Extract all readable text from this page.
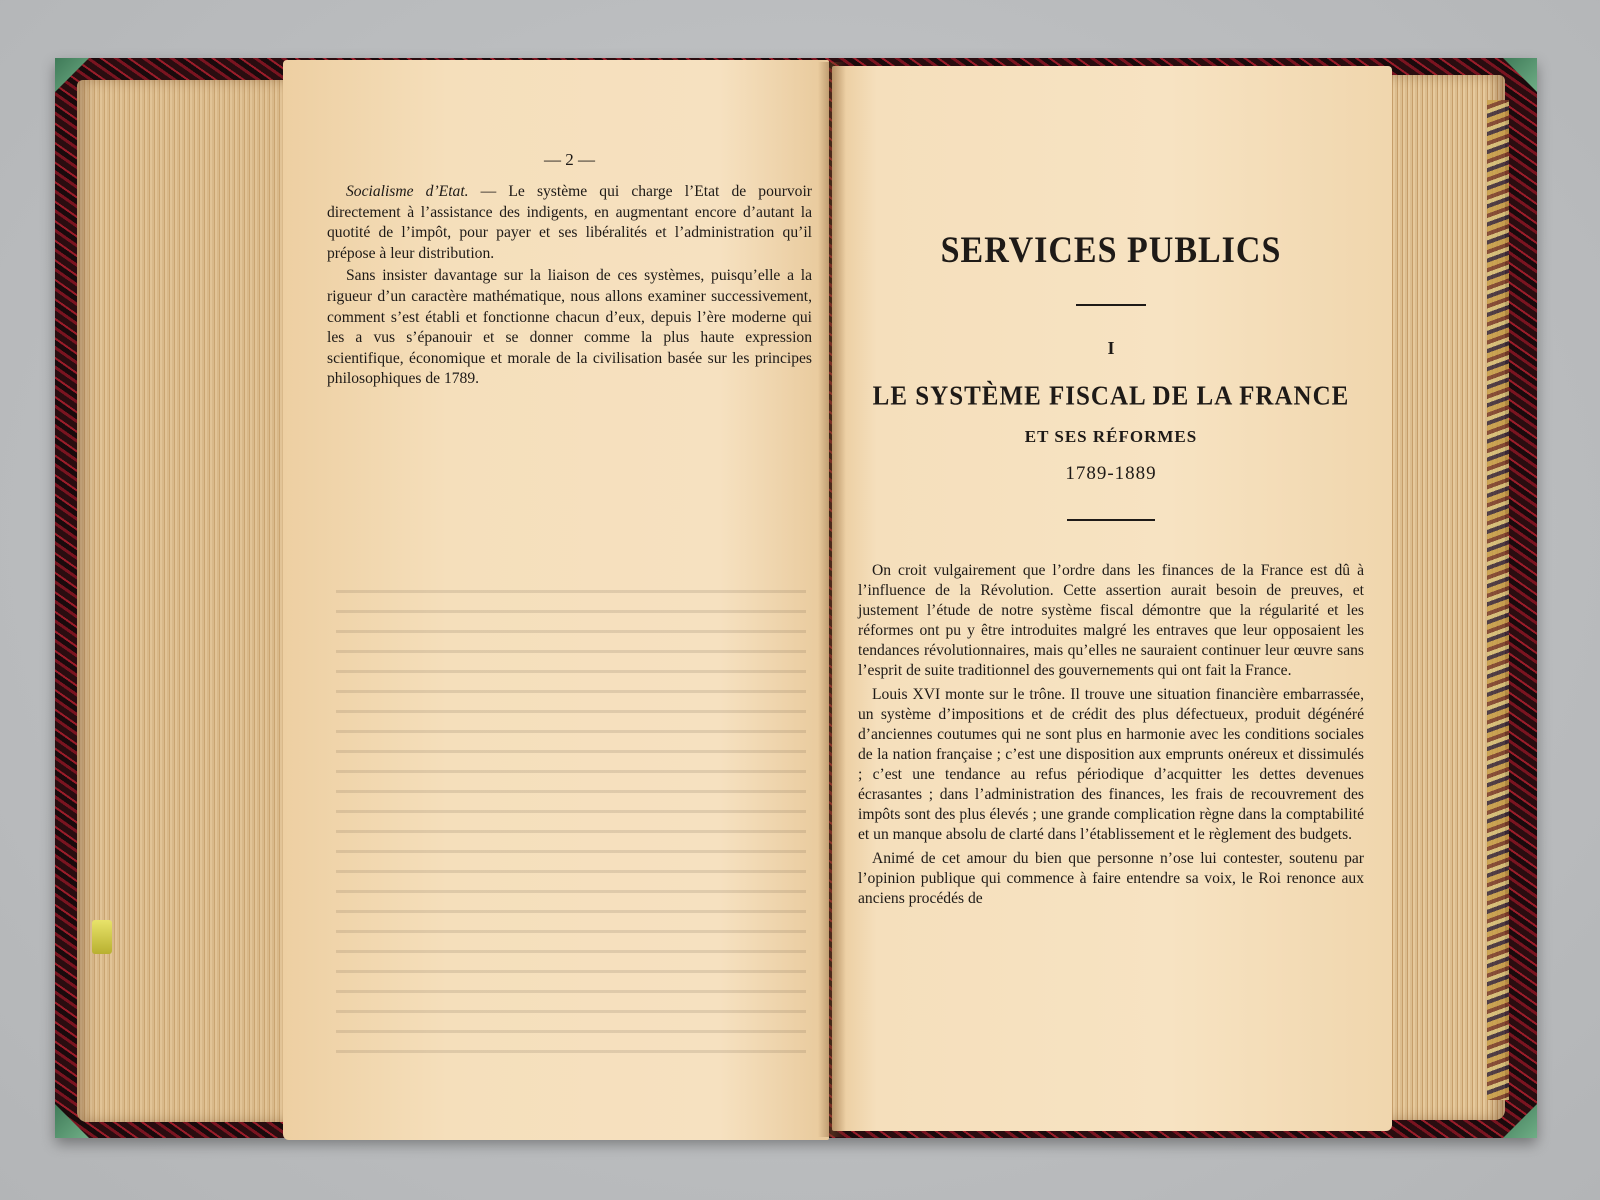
— 2 —

Socialisme d’Etat. — Le système qui charge l’Etat de pourvoir directement à l’assistance des indigents, en augmentant encore d’autant la quotité de l’impôt, pour payer et ses libéralités et l’administration qu’il prépose à leur distribution.

Sans insister davantage sur la liaison de ces systèmes, puisqu’elle a la rigueur d’un caractère mathématique, nous allons examiner successivement, comment s’est établi et fonctionne chacun d’eux, depuis l’ère moderne qui les a vus s’épanouir et se donner comme la plus haute expression scientifique, économique et morale de la civilisation basée sur les principes philosophiques de 1789.

SERVICES PUBLICS
I
LE SYSTÈME FISCAL DE LA FRANCE
ET SES RÉFORMES
1789-1889

On croit vulgairement que l’ordre dans les finances de la France est dû à l’influence de la Révolution. Cette assertion aurait besoin de preuves, et justement l’étude de notre système fiscal démontre que la régularité et les réformes ont pu y être introduites malgré les entraves que leur opposaient les tendances révolutionnaires, mais qu’elles ne sauraient continuer leur œuvre sans l’esprit de suite traditionnel des gouvernements qui ont fait la France.

Louis XVI monte sur le trône. Il trouve une situation financière embarrassée, un système d’impositions et de crédit des plus défectueux, produit dégénéré d’anciennes coutumes qui ne sont plus en harmonie avec les conditions sociales de la nation française ; c’est une disposition aux emprunts onéreux et dissimulés ; c’est une tendance au refus périodique d’acquitter les dettes devenues écrasantes ; dans l’administration des finances, les frais de recouvrement des impôts sont des plus élevés ; une grande complication règne dans la comptabilité et un manque absolu de clarté dans l’établissement et le règlement des budgets.

Animé de cet amour du bien que personne n’ose lui contester, soutenu par l’opinion publique qui commence à faire entendre sa voix, le Roi renonce aux anciens procédés de
